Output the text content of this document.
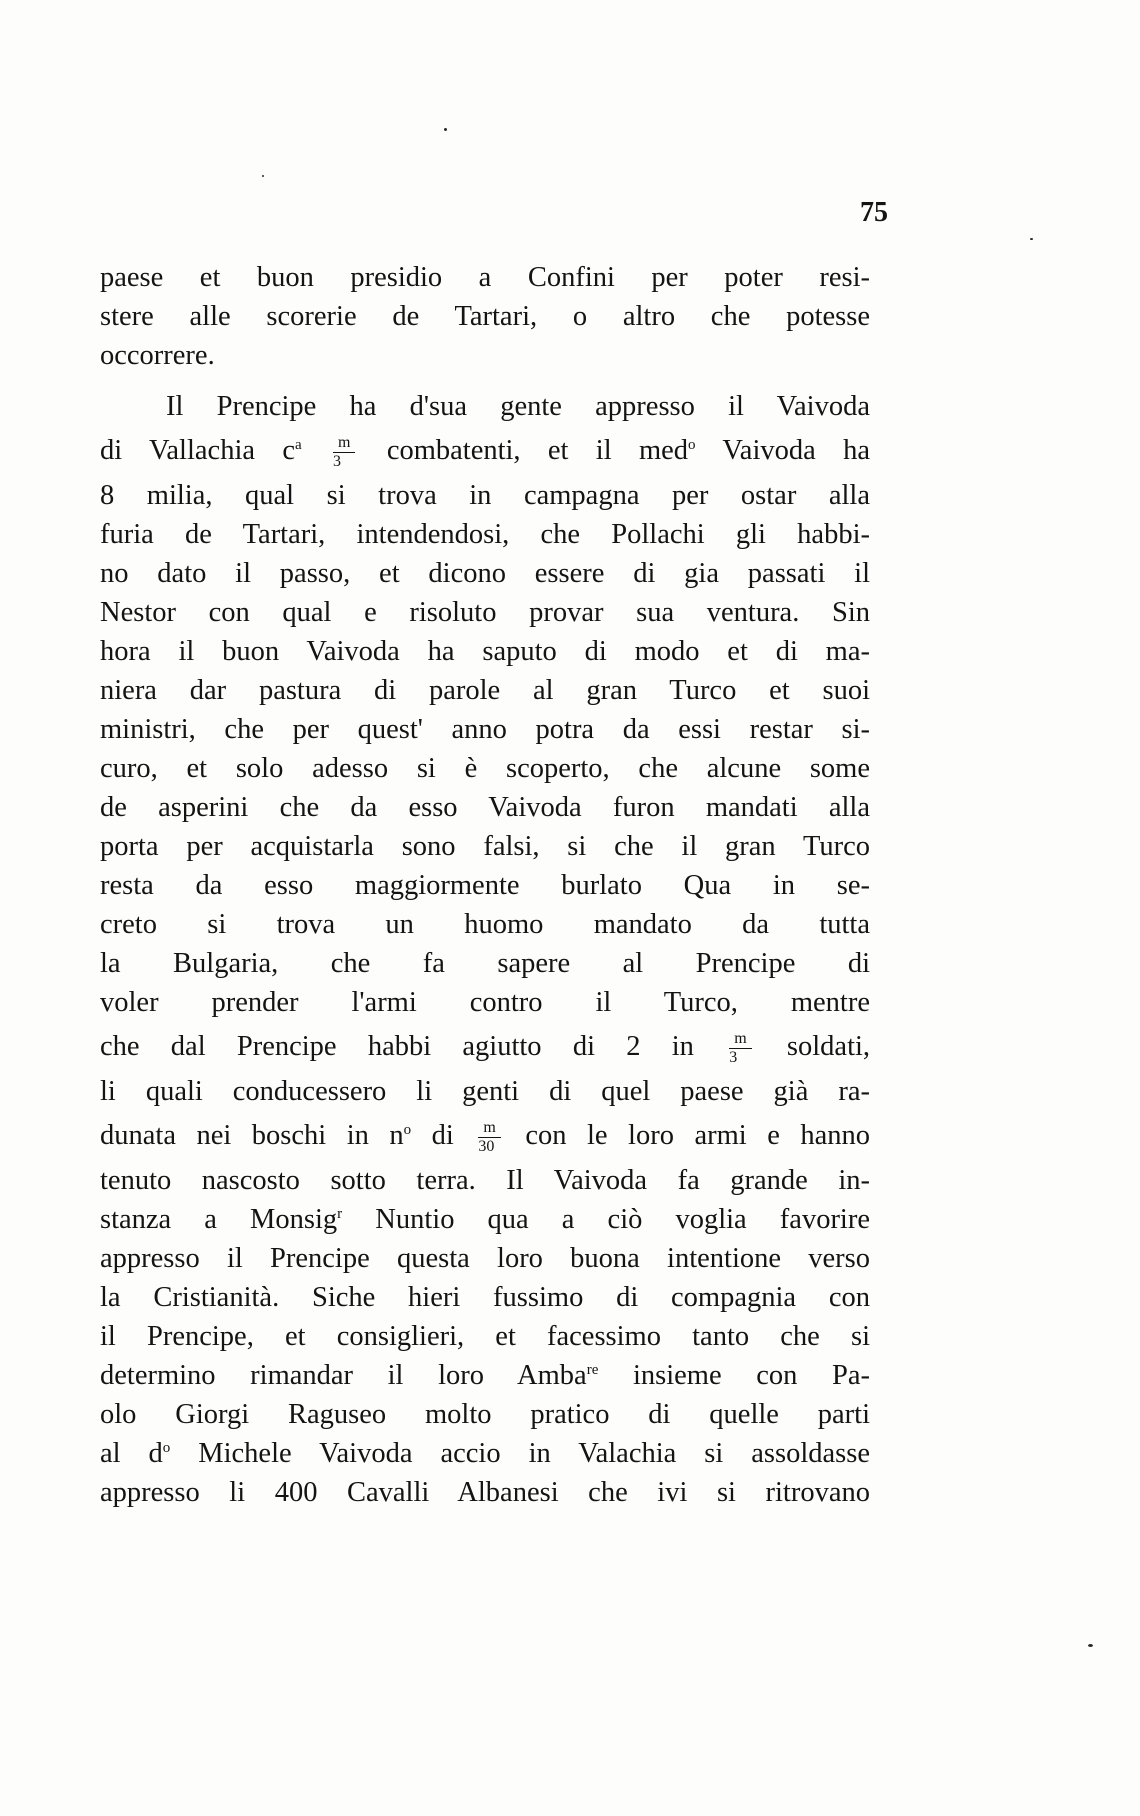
75
paese et buon presidio a Confini per poter resi-
stere alle scorerie de Tartari, o altro che potesse
occorrere.
Il Prencipe ha d'sua gente appresso il Vaivoda
di Vallachia $c^a \frac{m}{3}$ combatenti, et il med$^o$ Vaivoda ha
8 milia, qual si trova in campagna per ostar alla
furia de Tartari, intendendosi, che Pollachi gli habbi-
no dato il passo, et dicono essere di gia passati il
Nestor con qual e risoluto provar sua ventura. Sin
hora il buon Vaivoda ha saputo di modo et di ma-
niera dar pastura di parole al gran Turco et suoi
ministri, che per quest' anno potra da essi restar si-
curo, et solo adesso si è scoperto, che alcune some
de asperini che da esso Vaivoda furon mandati alla
porta per acquistarla sono falsi, si che il gran Turco
resta da esso maggiormente burlato Qua in se-
creto si trova un huomo mandato da tutta
la Bulgaria, che fa sapere al Prencipe di
voler prender l'armi contro il Turco, mentre
che dal Prencipe habbi agiutto di 2 in $\frac{m}{3}$ soldati,
li quali conducessero li genti di quel paese già ra-
dunata nei boschi in $n^o$ di $\frac{m}{30}$ con le loro armi e hanno
tenuto nascosto sotto terra. Il Vaivoda fa grande in-
stanza a Monsig$^r$ Nuntio qua a ciò voglia favorire
appresso il Prencipe questa loro buona intentione verso
la Cristianità. Siche hieri fussimo di compagnia con
il Prencipe, et consiglieri, et facessimo tanto che si
determino rimandar il loro Amba$^{re}$ insieme con Pa-
olo Giorgi Raguseo molto pratico di quelle parti
al $d^o$ Michele Vaivoda accio in Valachia si assoldasse
appresso li 400 Cavalli Albanesi che ivi si ritrovano
